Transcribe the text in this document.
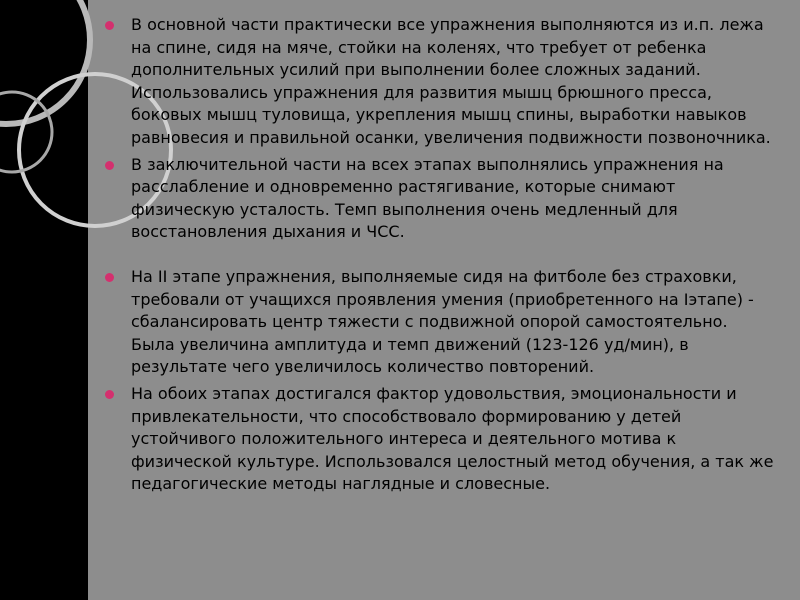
В основной части практически все упражнения выполняются из и.п. лежа на спине, сидя на мяче, стойки на коленях, что требует от ребенка дополнительных усилий при выполнении более сложных заданий. Использовались упражнения для развития мышц брюшного пресса, боковых мышц туловища, укрепления мышц спины, выработки навыков равновесия и правильной осанки, увеличения подвижности позвоночника.
В заключительной части на всех этапах выполнялись упражнения на расслабление и одновременно растягивание, которые снимают физическую усталость. Темп выполнения очень медленный для восстановления дыхания и ЧСС.
На II этапе упражнения, выполняемые сидя на фитболе без страховки, требовали от учащихся проявления умения (приобретенного на Iэтапе) - сбалансировать центр тяжести с подвижной опорой самостоятельно. Была увеличина амплитуда и темп движений (123-126 уд/мин), в результате чего увеличилось количество повторений.
На обоих этапах достигался фактор удовольствия, эмоциональности и привлекательности, что способствовало формированию у детей устойчивого положительного интереса и деятельного мотива к физической культуре. Использовался целостный метод обучения, а так же педагогические методы наглядные и словесные.
